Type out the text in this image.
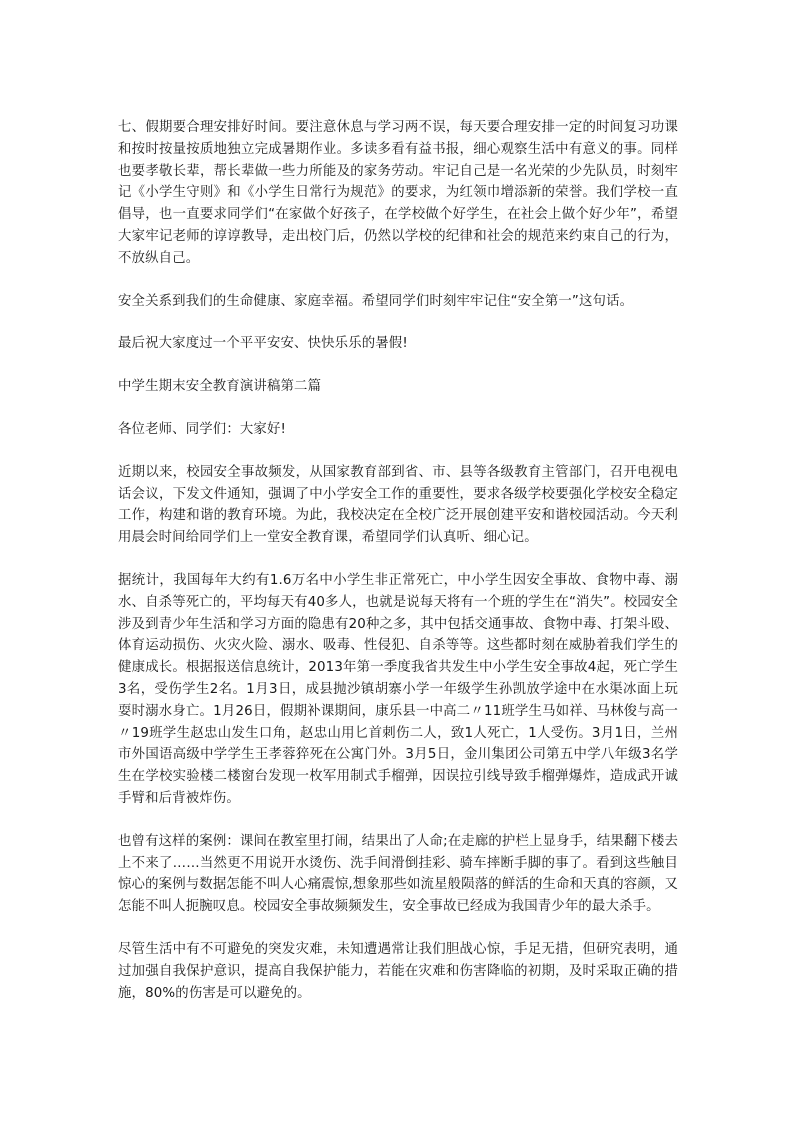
七、假期要合理安排好时间。要注意休息与学习两不误，每天要合理安排一定的时间复习功课和按时按量按质地独立完成暑期作业。多读多看有益书报，细心观察生活中有意义的事。同样也要孝敬长辈，帮长辈做一些力所能及的家务劳动。牢记自己是一名光荣的少先队员，时刻牢记《小学生守则》和《小学生日常行为规范》的要求，为红领巾增添新的荣誉。我们学校一直倡导，也一直要求同学们“在家做个好孩子，在学校做个好学生，在社会上做个好少年”，希望大家牢记老师的谆谆教导，走出校门后，仍然以学校的纪律和社会的规范来约束自己的行为，不放纵自己。

安全关系到我们的生命健康、家庭幸福。希望同学们时刻牢牢记住“安全第一”这句话。

最后祝大家度过一个平平安安、快快乐乐的暑假!

中学生期末安全教育演讲稿第二篇

各位老师、同学们：大家好!

近期以来，校园安全事故频发，从国家教育部到省、市、县等各级教育主管部门，召开电视电话会议，下发文件通知，强调了中小学安全工作的重要性，要求各级学校要强化学校安全稳定工作，构建和谐的教育环境。为此，我校决定在全校广泛开展创建平安和谐校园活动。今天利用晨会时间给同学们上一堂安全教育课，希望同学们认真听、细心记。

据统计，我国每年大约有1.6万名中小学生非正常死亡，中小学生因安全事故、食物中毒、溺水、自杀等死亡的，平均每天有40多人，也就是说每天将有一个班的学生在“消失”。校园安全涉及到青少年生活和学习方面的隐患有20种之多，其中包括交通事故、食物中毒、打架斗殴、体育运动损伤、火灾火险、溺水、吸毒、性侵犯、自杀等等。这些都时刻在威胁着我们学生的健康成长。根据报送信息统计，2013年第一季度我省共发生中小学生安全事故4起，死亡学生3名，受伤学生2名。1月3日，成县抛沙镇胡寨小学一年级学生孙凯放学途中在水渠冰面上玩耍时溺水身亡。1月26日，假期补课期间，康乐县一中高二〃11班学生马如祥、马林俊与高一〃19班学生赵忠山发生口角，赵忠山用匕首刺伤二人，致1人死亡，1人受伤。3月1日，兰州市外国语高级中学学生王孝蓉猝死在公寓门外。3月5日，金川集团公司第五中学八年级3名学生在学校实验楼二楼窗台发现一枚军用制式手榴弹，因误拉引线导致手榴弹爆炸，造成武开诚手臂和后背被炸伤。

也曾有这样的案例：课间在教室里打闹，结果出了人命;在走廊的护栏上显身手，结果翻下楼去上不来了……当然更不用说开水烫伤、洗手间滑倒挂彩、骑车摔断手脚的事了。看到这些触目惊心的案例与数据怎能不叫人心痛震惊,想象那些如流星般陨落的鲜活的生命和天真的容颜，又怎能不叫人扼腕叹息。校园安全事故频频发生，安全事故已经成为我国青少年的最大杀手。

尽管生活中有不可避免的突发灾难，未知遭遇常让我们胆战心惊，手足无措，但研究表明，通过加强自我保护意识，提高自我保护能力，若能在灾难和伤害降临的初期，及时采取正确的措施，80%的伤害是可以避免的。
